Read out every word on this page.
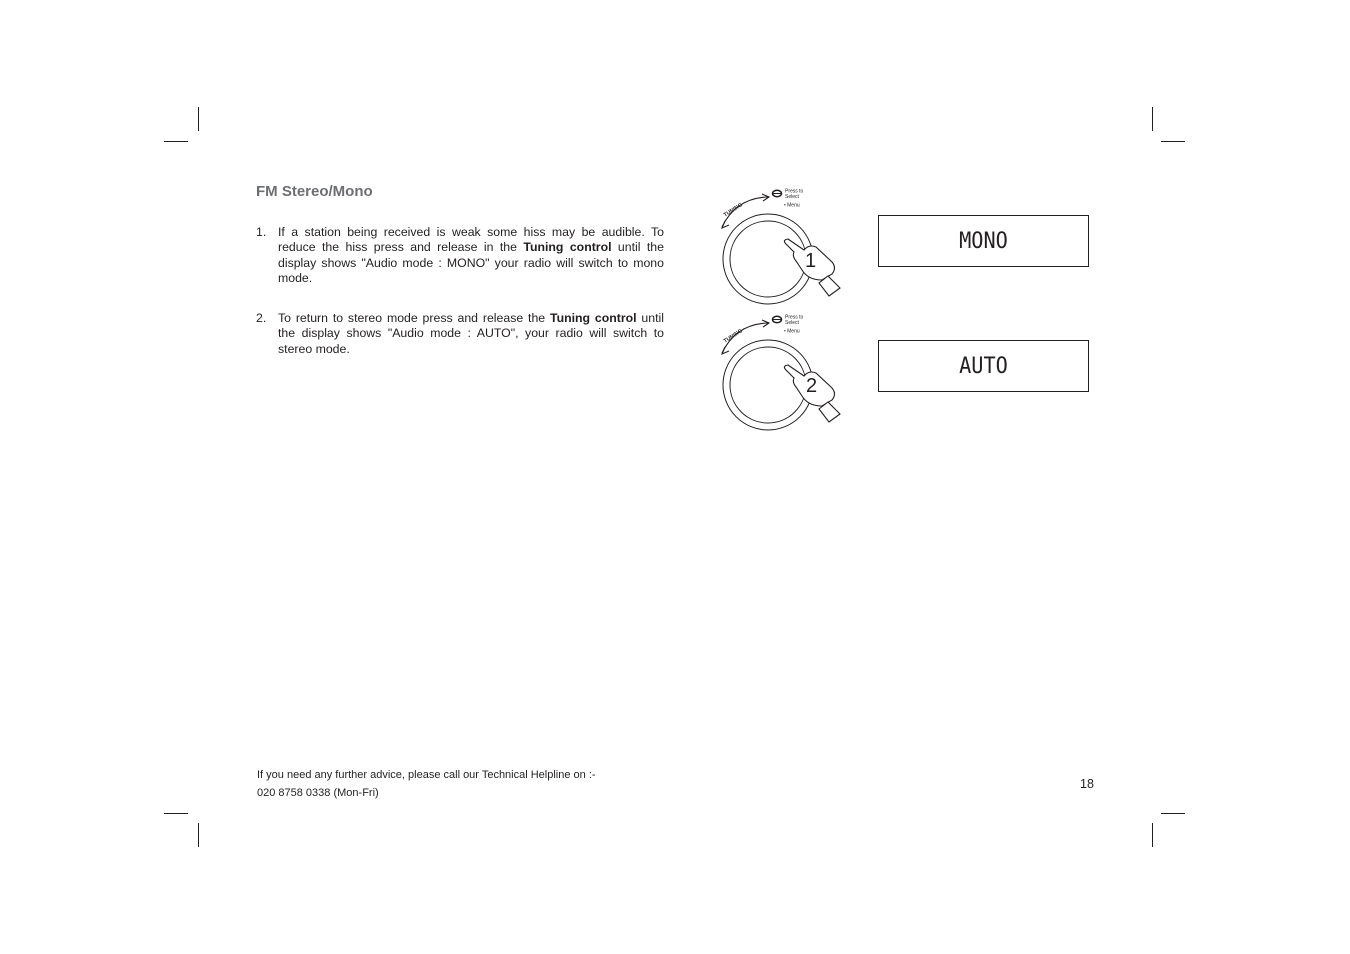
FM Stereo/Mono
1. If a station being received is weak some hiss may be audible. To reduce the hiss press and release in the Tuning control until the display shows "Audio mode : MONO" your radio will switch to mono mode.
2. To return to stereo mode press and release the Tuning control until the display shows "Audio mode : AUTO", your radio will switch to stereo mode.
TUNING
Press to
Select
• Menu
1
TUNING
Press to
Select
• Menu
2
MONO
AUTO
If you need any further advice, please call our Technical Helpline on :-
020 8758 0338 (Mon-Fri)
18
